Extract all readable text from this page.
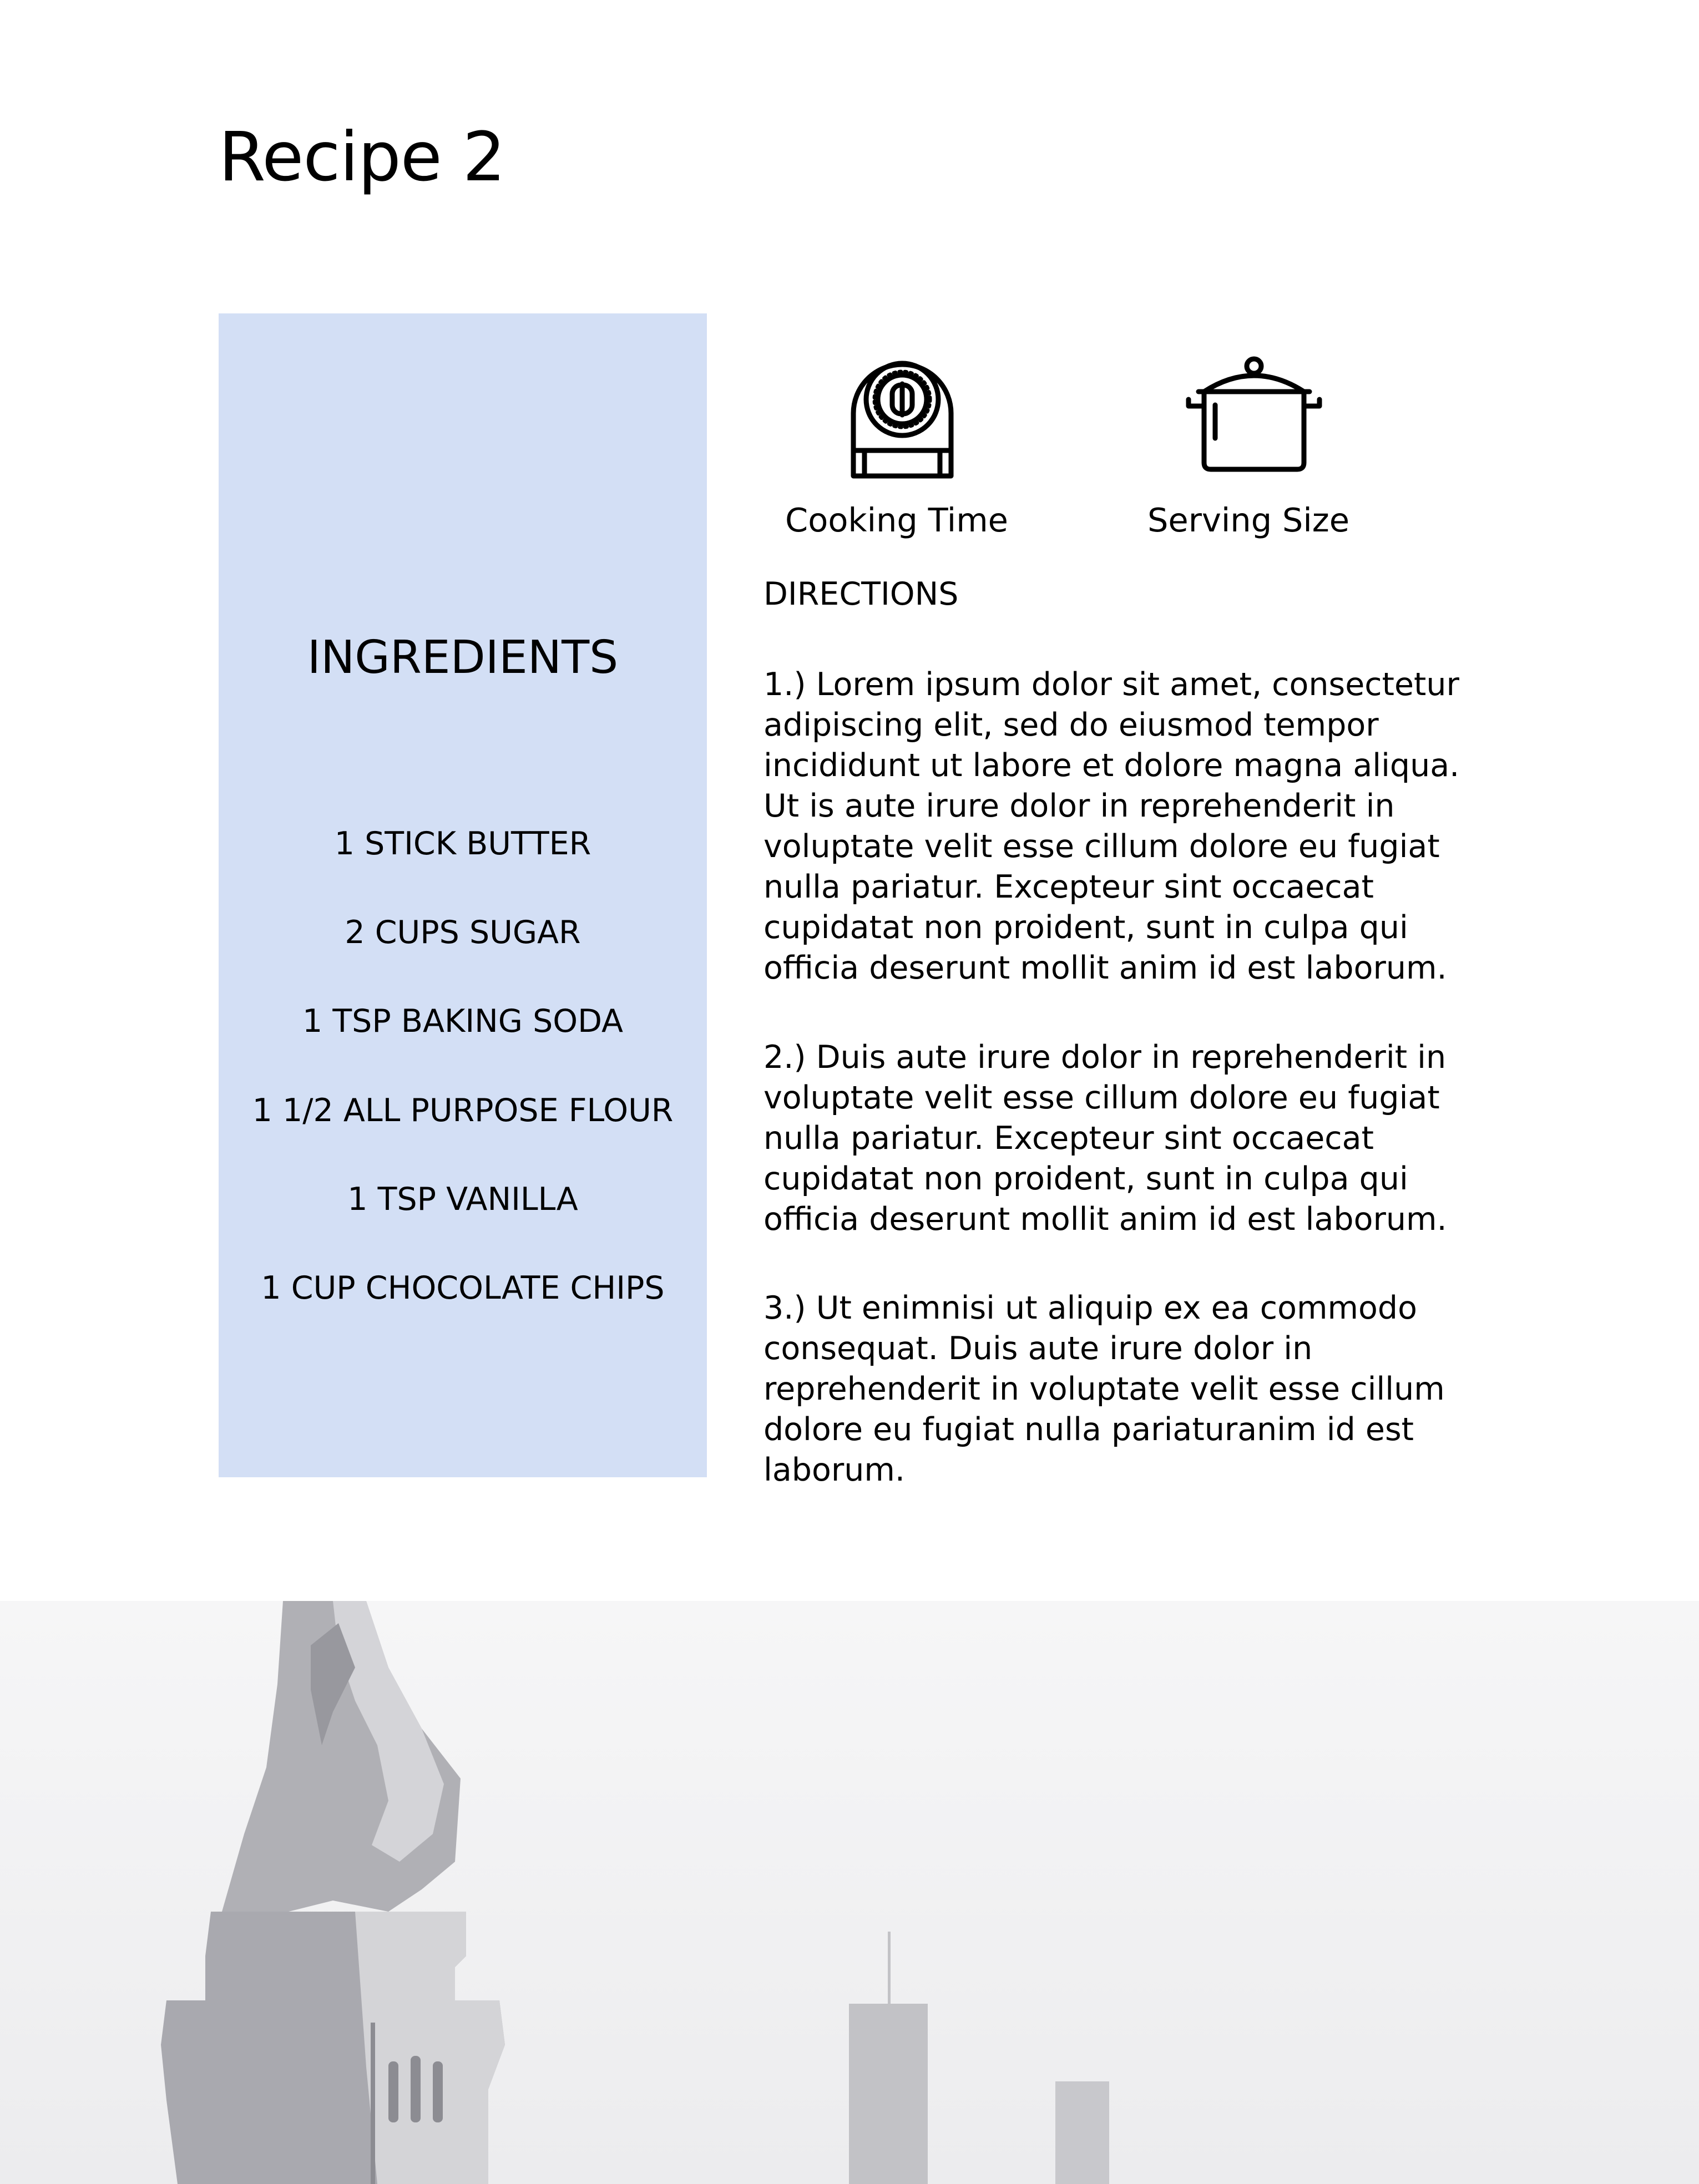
Recipe 2
INGREDIENTS
1 STICK BUTTER
2 CUPS SUGAR
1 TSP BAKING SODA
1 1/2 ALL PURPOSE FLOUR
1 TSP VANILLA
1 CUP CHOCOLATE CHIPS
Cooking Time	Serving Size
DIRECTIONS
1.) Lorem ipsum dolor sit amet, consectetur adipiscing elit, sed do eiusmod tempor incididunt ut labore et dolore magna aliqua. Ut is aute irure dolor in reprehenderit in voluptate velit esse cillum dolore eu fugiat nulla pariatur. Excepteur sint occaecat cupidatat non proident, sunt in culpa qui officia deserunt mollit anim id est laborum.
2.) Duis aute irure dolor in reprehenderit in voluptate velit esse cillum dolore eu fugiat nulla pariatur. Excepteur sint occaecat cupidatat non proident, sunt in culpa qui officia deserunt mollit anim id est laborum.
3.) Ut enimnisi ut aliquip ex ea commodo consequat. Duis aute irure dolor in reprehenderit in voluptate velit esse cillum dolore eu fugiat nulla pariaturanim id est laborum.
